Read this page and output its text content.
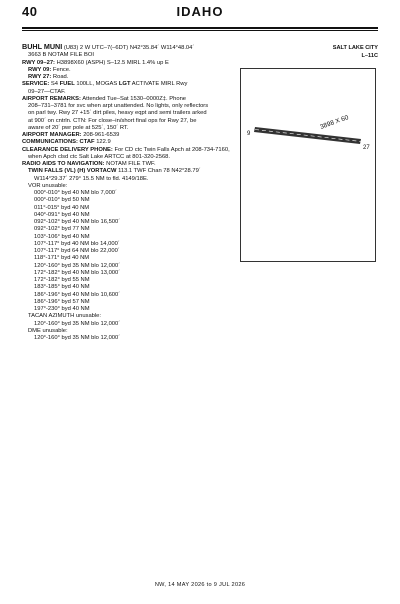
40	IDAHO
SALT LAKE CITY
L–11C
BUHL MUNI (U83) 2 W UTC–7(–6DT) N42°35.84´ W114°48.04´
3663 B NOTAM FILE BOI
RWY 09–27: H3898X60 (ASPH) S–12.5 MIRL 1.4% up E
RWY 09: Fence.
RWY 27: Road.
SERVICE: S4 FUEL 100LL, MOGAS LGT ACTIVATE MIRL Rwy
09–27—CTAF.
AIRPORT REMARKS: Attended Tue–Sat 1530–0000Z‡. Phone
208–731–3781 for svc when arpt unattended. No lights, only reflectors
on parl twy. Rwy 27 +15´ dirt piles, heavy eqpt and semi trailers arked
at 900´ on cntrln. CTN: For close–in/short final ops for Rwy 27, be
aware of 20´ pwr pole at 525´, 150´ RT.
AIRPORT MANAGER: 208-961-6539
COMMUNICATIONS: CTAF 122.9
CLEARANCE DELIVERY PHONE: For CD ctc Twin Falls Apch at 208-734-7160,
when Apch clsd ctc Salt Lake ARTCC at 801-320-2568.
RADIO AIDS TO NAVIGATION: NOTAM FILE TWF.
TWIN FALLS (VL) (H) VORTACW 113.1 TWF Chan 78 N42°28.79´
W114°29.37´ 279° 15.5 NM to fld. 4149/18E.
VOR unusable:
000°-010° byd 40 NM blo 7,000´
000°-010° byd 50 NM
011°-015° byd 40 NM
040°-091° byd 40 NM
092°-102° byd 40 NM blo 16,500´
092°-102° byd 77 NM
103°-106° byd 40 NM
107°-117° byd 40 NM blo 14,000´
107°-117° byd 64 NM blo 22,000´
118°-171° byd 40 NM
120°-160° byd 35 NM blo 12,000´
172°-182° byd 40 NM blo 13,000´
172°-182° byd 55 NM
183°-185° byd 40 NM
186°-196° byd 40 NM blo 10,600´
186°-196° byd 57 NM
197°-230° byd 40 NM
TACAN AZIMUTH unusable:
120°-160° byd 35 NM blo 12,000´
DME unusable:
120°-160° byd 35 NM blo 12,000´
3898 X 60
9
27
NW, 14 MAY 2026 to 9 JUL 2026
